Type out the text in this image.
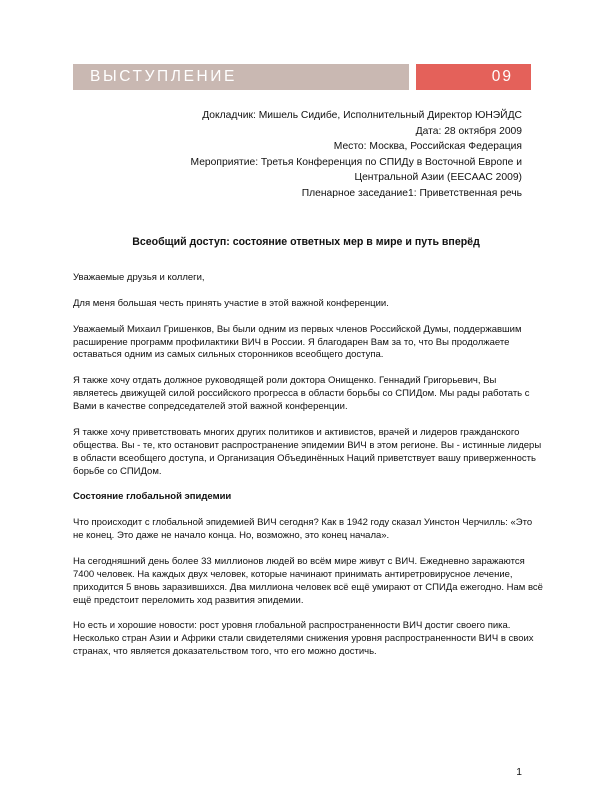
ВЫСТУПЛЕНИЕ	09
Докладчик: Мишель Сидибе, Исполнительный Директор ЮНЭЙДС
Дата: 28 октября 2009
Место: Москва, Российская Федерация
Мероприятие: Третья Конференция по СПИДу в Восточной Европе и
Центральной Азии (EECAAC 2009)
Пленарное заседание1: Приветственная речь
Всеобщий доступ: состояние ответных мер в мире и путь вперёд

Уважаемые друзья и коллеги,

Для меня большая честь принять участие в этой важной конференции.

Уважаемый Михаил Гришенков, Вы были одним из первых членов Российской Думы, поддержавшим расширение программ профилактики ВИЧ в России. Я благодарен Вам за то, что Вы продолжаете оставаться одним из самых сильных сторонников всеобщего доступа.

Я также хочу отдать должное руководящей роли доктора Онищенко. Геннадий Григорьевич, Вы являетесь движущей силой российского прогресса в области борьбы со СПИДом. Мы рады работать с Вами в качестве сопредседателей этой важной конференции.

Я также хочу приветствовать многих других политиков и активистов, врачей и лидеров гражданского общества. Вы - те, кто остановит распространение эпидемии ВИЧ в этом регионе. Вы - истинные лидеры в области всеобщего доступа, и Организация Объединённых Наций приветствует вашу приверженность борьбе со СПИДом.

Состояние глобальной эпидемии

Что происходит с глобальной эпидемией ВИЧ сегодня? Как в 1942 году сказал Уинстон Черчилль: «Это не конец. Это даже не начало конца. Но, возможно, это конец начала».

На сегодняшний день более 33 миллионов людей во всём мире живут с ВИЧ. Ежедневно заражаются 7400 человек. На каждых двух человек, которые начинают принимать антиретровирусное лечение, приходится 5 вновь заразившихся. Два миллиона человек всё ещё умирают от СПИДа ежегодно. Нам всё ещё предстоит переломить ход развития эпидемии.

Но есть и хорошие новости: рост уровня глобальной распространенности ВИЧ достиг своего пика. Несколько стран Азии и Африки стали свидетелями снижения уровня распространенности ВИЧ в своих странах, что является доказательством того, что его можно достичь.

1
